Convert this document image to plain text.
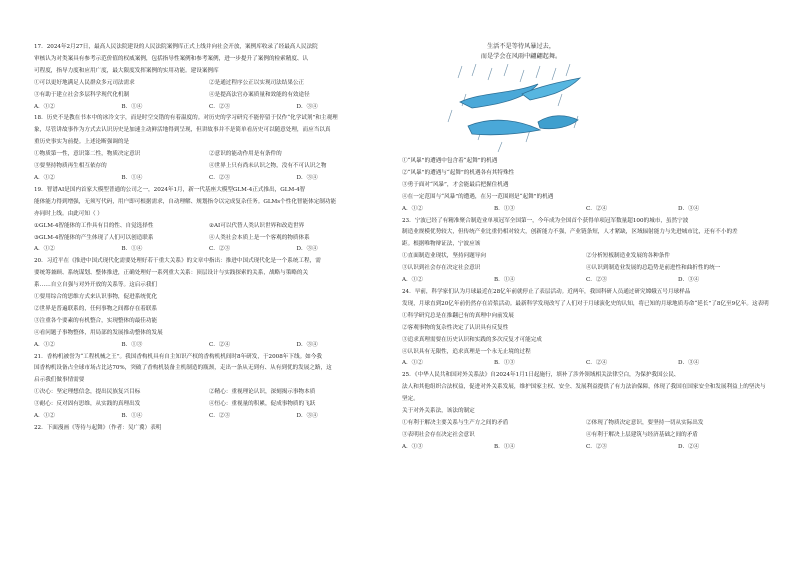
17．2024年2月27日，最高人民法院建设的人民法院案例库正式上线并向社会开放，案例库收录了经最高人民法院

审核认为对类案具有参考示范价值的权威案例，包括指导性案例和参考案例，进一步提升了案例的检索精度、认

可程度，指导力度和应用广度，最大限度发挥案例的实用功能。建设案例库

①可以更好地满足人民群众多元司法需求	②是通过程序公正以实现司法结果公正
③有助于建立社会多层科学现代化机制	④是提高法官办案质量和效能的有效途径
A．①②	B．①④	C．②③	D．③④

18．历史不是教在书本中的冰冷文字，而是时空交错的有着温度的。对历史的学习研究不能停留于仅作“化学试剂”和主观理

象，尽管讲故事作为方式去认识历史是加速主动鲜活地得到呈现，但讲故事并不是简单看历史可以随意处理，而应当以真

重历史事实为前提。上述论断强调的是

①物质第一性，意识第二性，物质决定意识	②意识的能动作用是有条件的
③要坚持物质再生相互依存的	④世界上只有尚未认识之物，没有不可认识之物
A．①②	B．①④	C．②③	D．③④

19．智谱AI是国内首家大模型普通的公司之一，2024年1月，新一代基座大模型GLM-4正式推出，GLM-4智

能体能力得到增强，无须写代码，用户即可根据需求，自动理解、规划指令以完成复杂任务。GLMs个性化智能体定制功能

亦同时上线。由此可知（ ）

①GLM-4智能体的工作具有目的性、自觉选择性	②AI可以代替人类认识世界和改造世界
③GLM-4智能体的产生体现了人们可以创造联系	④人类社会本质上是一个客观的物质体系
A．①②	B．①④	C．②③	D．③④

20．习近平在《推进中国式现代化需要处理好若干重大关系》的文章中指出：推进中国式现代化是一个系统工程，需

要统筹兼顾、系统谋划、整体推进，正确处理好一系列重大关系：顶层设计与实践探索的关系，战略与策略的关

系……自立自强与对外开放的关系等。这启示我们

①要用综合的思维方式来认识事物，促进系统优化

②世界是普遍联系的，任何事物之间都存在着联系

③注重各个要素的有机整合，实现整体的最佳功能

④看问题子事物整体，用局部的发展推动整体的发展

A．①②	B．①③	C．②④	D．③④

21．香构机被誉为“工程机械之王”。我国香构机具有自主知识产权的香构机机间时8年研发，于2008年下线。如今我

国香构机设备占全球市场占比达70%，突破了香构机装备主机制造的瓶颈，走出一条从无到有、从有到优的发展之路，这

启示我们做事情需要

①决心：坚定理想信念，提出民族复兴目标	②精心：重视理论认识，深刻揭示事物本质
③耐心：反对固有思维，从实践的真理出发	④恒心：重视量的积累，促成事物质的飞跃
A．①②	B．①④	C．②③	D．③④

22．下面漫画《等待与起舞》（作者：吴广冀）表明

生活不是等待风暴过去，
而是学会在风雨中翩翩起舞。

①“风暴”的遭遇中包含着“起舞”的机遇

②“风暴”的遭遇与“起舞”的机遇各有其特殊性

③勇于面对“风暴”，才会能最后把握住机遇

④在一定范围与“风暴”的遭遇，在另一范围则是“起舞”的机遇

A．①②	B．①③	C．②④	D．③④

23．宁波已经了有精准聚合制造业单项冠军全国第一，今年成为全国首个获得单项冠军数量超100的城市，虽然宁波

制造业规模优势较大，但传统产业比重仍相对较大，创新能力不强，产业链条短，人才紧缺，区域辐射能力与先进城市比，还有不小的差

距。根据唯物辩证法，宁波应该

①直面制造业现状，坚持问题导向	②分析短板制造业发展的各种条件
③认识到社会存在决定社会意识	④认识到制造业发展的总趋势是前进性和曲折性的统一
A．①②	B．①④	C．②③	D．③④

24．早前，科学家们认为月球最近在28亿年前就停止了表层活动。近两年，我国科研人员通过研究嫦娥五号月球样品

发现，月球直到20亿年前仍然存在岩浆活动。最新科学发现改写了人们对于月球演化史的认知，将已知的月球地质寿命“延长”了8亿至9亿年。这表明

①科学研究总是在推翻已有的真理中向前发展

②客观事物的复杂性决定了认识具有反复性

③追求真理需要在历史认识和实践的多次反复才可能完成

④认识具有无限性，追求真理是一个永无止境的过程

A．①②	B．①③	C．②④	D．③④

25．《中华人民共和国对外关系法》自2024年1月1日起施行，填补了涉外领域相关法律空白，为保护我国公民、

法人和其他组织合法权益，促进对外关系发展，维护国家主权、安全、发展利益提供了有力法治保障，体现了我国在国家安全和发展利益上的坚决与坚定。

关于对外关系法，该法的制定

①有利于解决主要关系与生产方之间的矛盾	②体现了物质决定意识，要坚持一切从实际出发
③表明社会存在决定社会意识	④有利于解决上层建筑与经济基础之间的矛盾
A．①③	B．①④	C．②③	D．②④
